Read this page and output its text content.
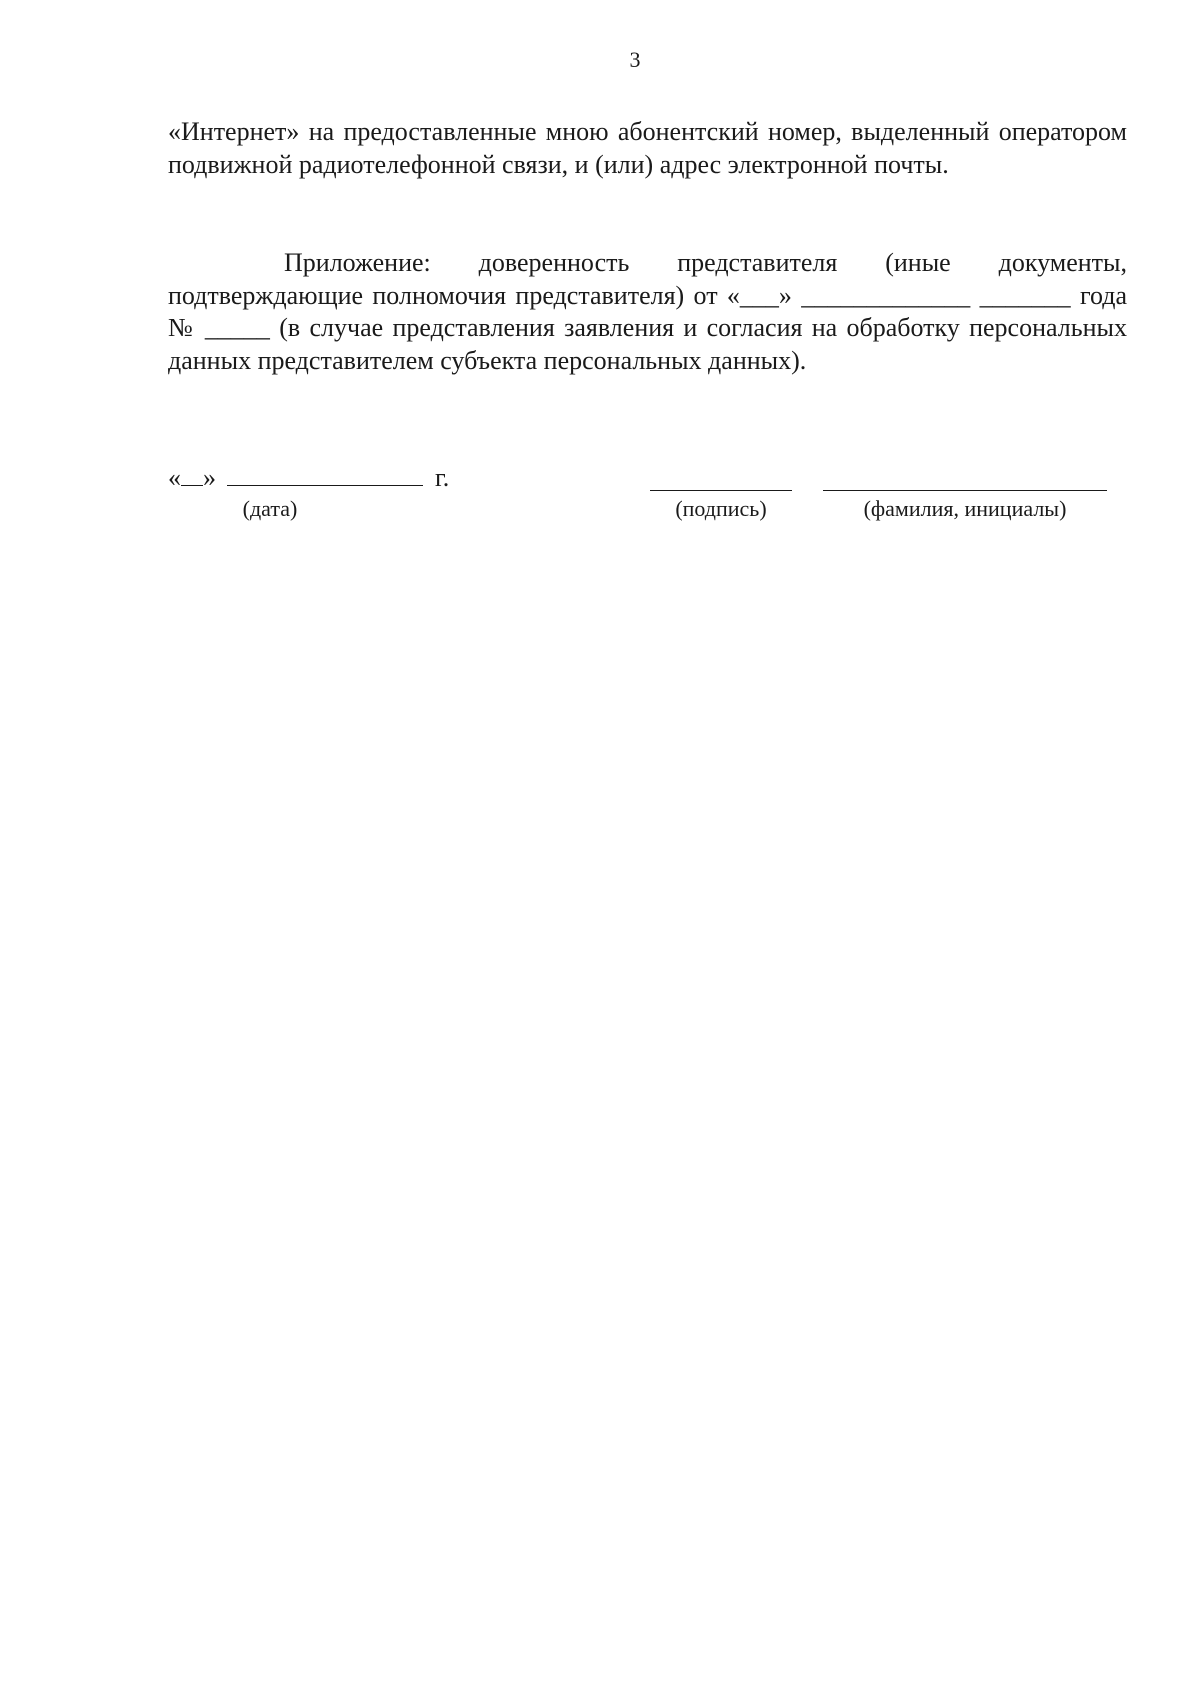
3

«Интернет» на предоставленные мною абонентский номер, выделенный оператором подвижной радиотелефонной связи, и (или) адрес электронной почты.

Приложение: доверенность представителя (иные документы, подтверждающие полномочия представителя) от «___» _____________ _______ года № _____ (в случае представления заявления и согласия на обработку персональных данных представителем субъекта персональных данных).

« »	г.
(дата)	(подпись)	(фамилия, инициалы)
